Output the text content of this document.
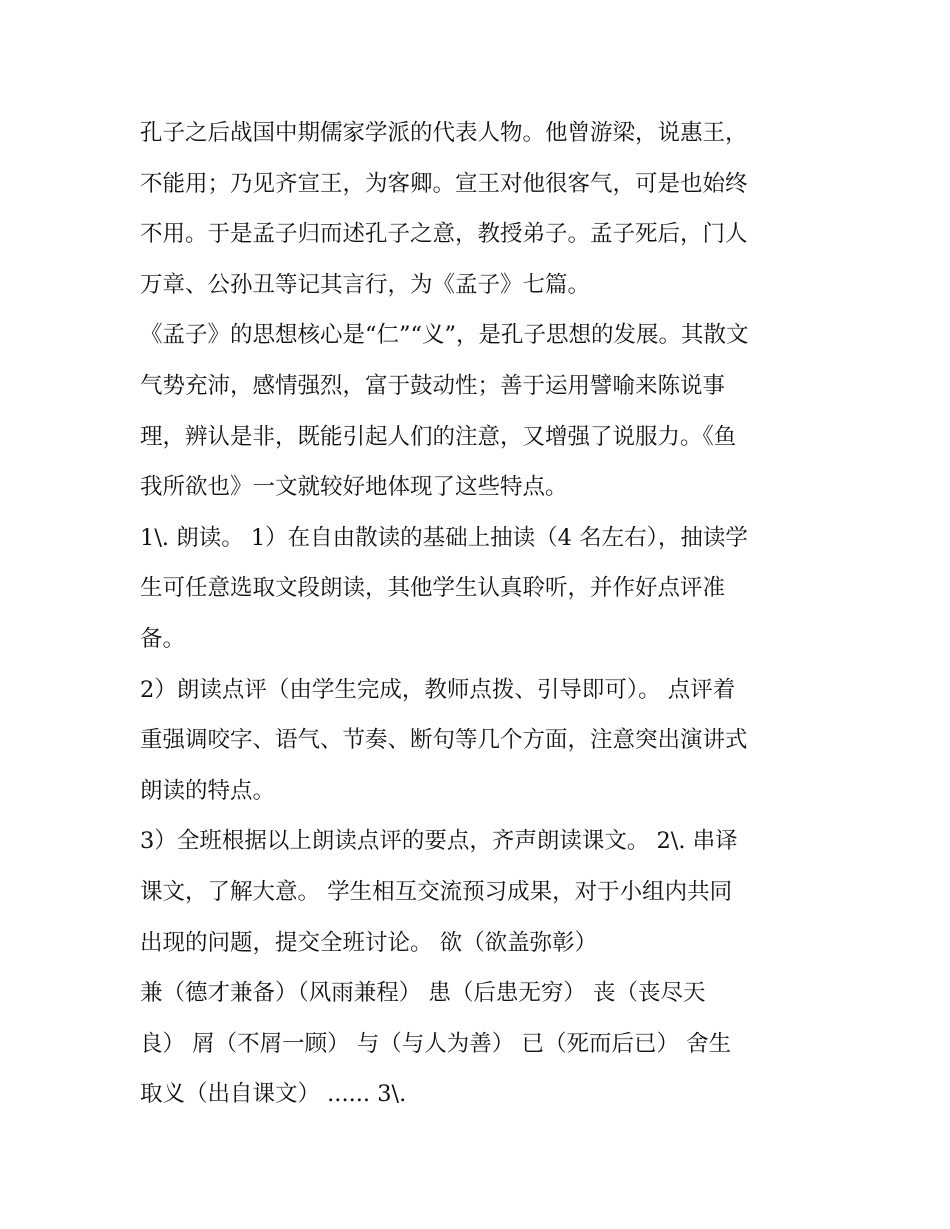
孔子之后战国中期儒家学派的代表人物。他曾游梁，说惠王，
不能用；乃见齐宣王，为客卿。宣王对他很客气，可是也始终
不用。于是孟子归而述孔子之意，教授弟子。孟子死后，门人
万章、公孙丑等记其言行，为《孟子》七篇。
《孟子》的思想核心是“仁”“义”，是孔子思想的发展。其散文
气势充沛，感情强烈，富于鼓动性；善于运用譬喻来陈说事
理，辨认是非，既能引起人们的注意，又增强了说服力。《鱼
我所欲也》一文就较好地体现了这些特点。
1\. 朗读。 1）在自由散读的基础上抽读（4 名左右），抽读学
生可任意选取文段朗读，其他学生认真聆听，并作好点评准
备。
2）朗读点评（由学生完成，教师点拨、引导即可）。 点评着
重强调咬字、语气、节奏、断句等几个方面，注意突出演讲式
朗读的特点。
3）全班根据以上朗读点评的要点，齐声朗读课文。 2\. 串译
课文，了解大意。 学生相互交流预习成果，对于小组内共同
出现的问题，提交全班讨论。 欲（欲盖弥彰）
兼（德才兼备）（风雨兼程） 患（后患无穷） 丧（丧尽天
良） 屑（不屑一顾） 与（与人为善） 已（死而后已） 舍生
取义（出自课文） ...... 3\.
